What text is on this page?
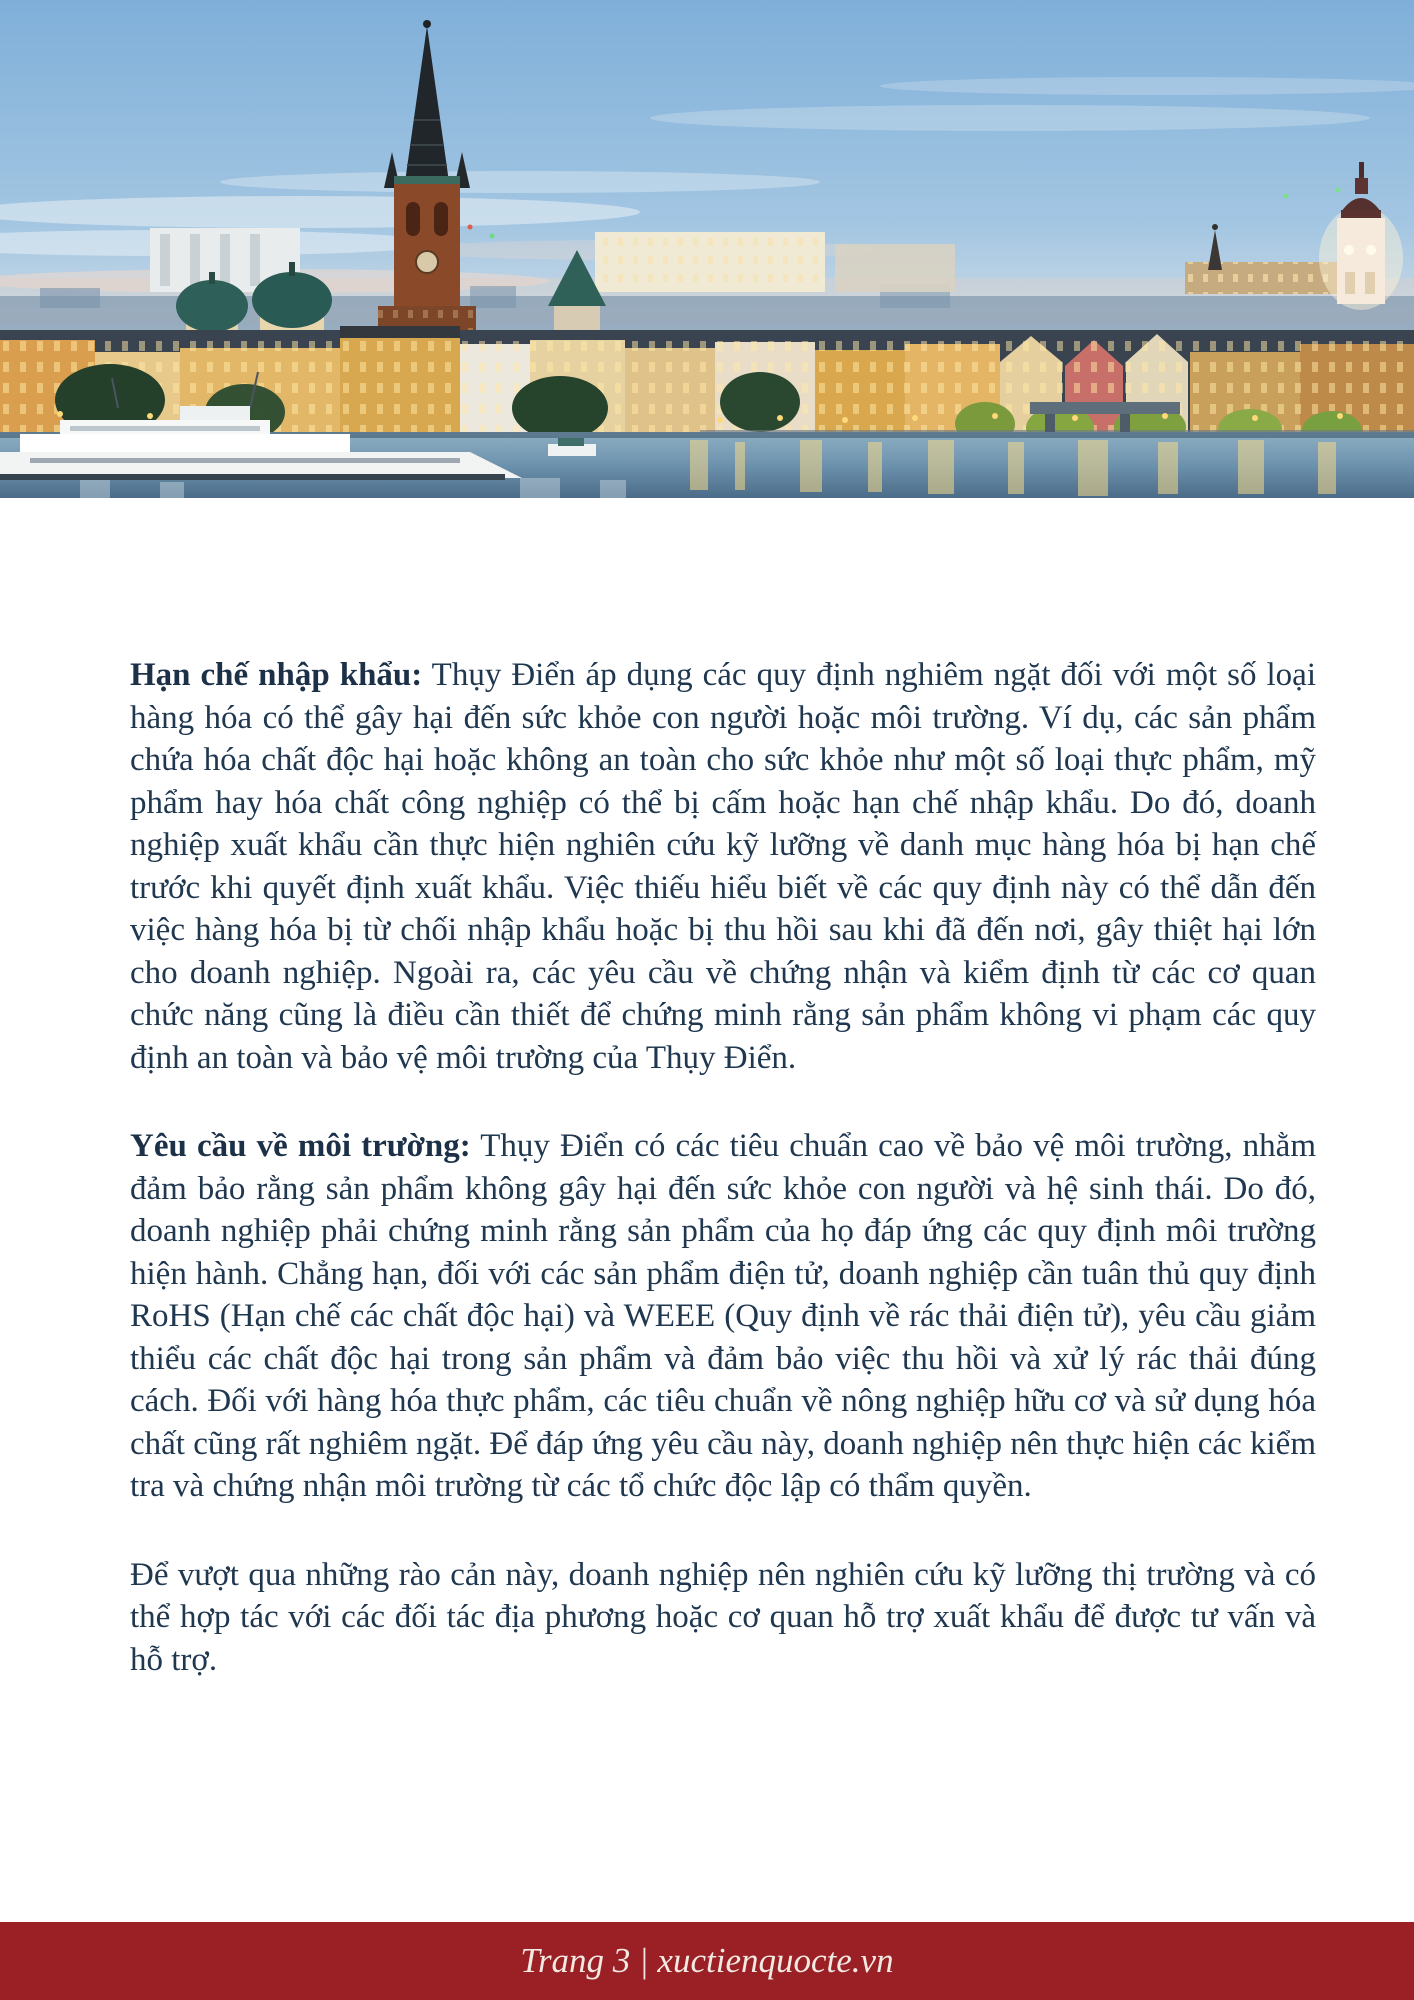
Hạn chế nhập khẩu: Thụy Điển áp dụng các quy định nghiêm ngặt đối với một số loại hàng hóa có thể gây hại đến sức khỏe con người hoặc môi trường. Ví dụ, các sản phẩm chứa hóa chất độc hại hoặc không an toàn cho sức khỏe như một số loại thực phẩm, mỹ phẩm hay hóa chất công nghiệp có thể bị cấm hoặc hạn chế nhập khẩu. Do đó, doanh nghiệp xuất khẩu cần thực hiện nghiên cứu kỹ lưỡng về danh mục hàng hóa bị hạn chế trước khi quyết định xuất khẩu. Việc thiếu hiểu biết về các quy định này có thể dẫn đến việc hàng hóa bị từ chối nhập khẩu hoặc bị thu hồi sau khi đã đến nơi, gây thiệt hại lớn cho doanh nghiệp. Ngoài ra, các yêu cầu về chứng nhận và kiểm định từ các cơ quan chức năng cũng là điều cần thiết để chứng minh rằng sản phẩm không vi phạm các quy định an toàn và bảo vệ môi trường của Thụy Điển.

Yêu cầu về môi trường: Thụy Điển có các tiêu chuẩn cao về bảo vệ môi trường, nhằm đảm bảo rằng sản phẩm không gây hại đến sức khỏe con người và hệ sinh thái. Do đó, doanh nghiệp phải chứng minh rằng sản phẩm của họ đáp ứng các quy định môi trường hiện hành. Chẳng hạn, đối với các sản phẩm điện tử, doanh nghiệp cần tuân thủ quy định RoHS (Hạn chế các chất độc hại) và WEEE (Quy định về rác thải điện tử), yêu cầu giảm thiểu các chất độc hại trong sản phẩm và đảm bảo việc thu hồi và xử lý rác thải đúng cách. Đối với hàng hóa thực phẩm, các tiêu chuẩn về nông nghiệp hữu cơ và sử dụng hóa chất cũng rất nghiêm ngặt. Để đáp ứng yêu cầu này, doanh nghiệp nên thực hiện các kiểm tra và chứng nhận môi trường từ các tổ chức độc lập có thẩm quyền.

Để vượt qua những rào cản này, doanh nghiệp nên nghiên cứu kỹ lưỡng thị trường và có thể hợp tác với các đối tác địa phương hoặc cơ quan hỗ trợ xuất khẩu để được tư vấn và hỗ trợ.

Trang 3 | xuctienquocte.vn
